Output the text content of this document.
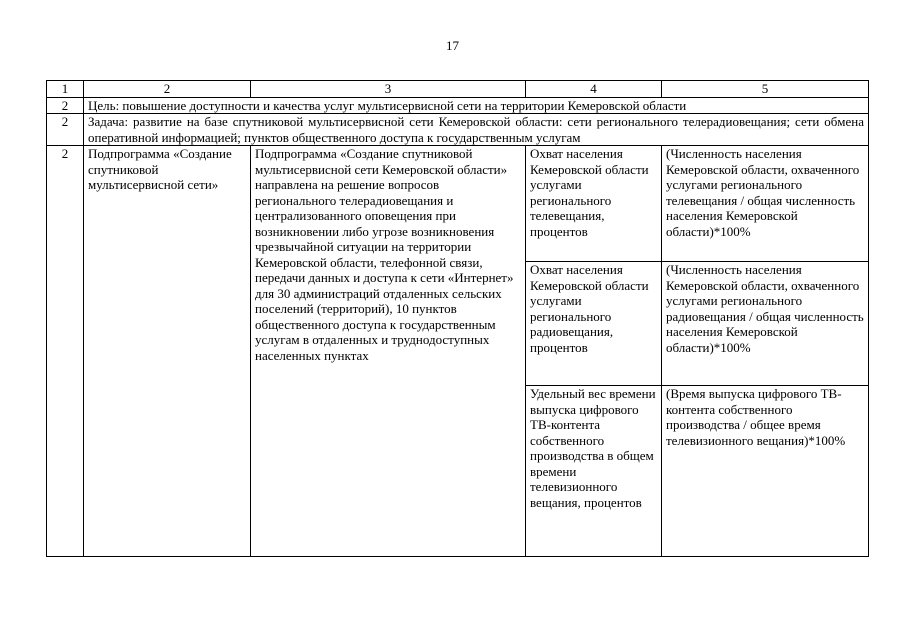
17
1	2	3	4	5
2	Цель: повышение доступности и качества услуг мультисервисной сети на территории Кемеровской области			
2	Задача: развитие на базе спутниковой мультисервисной сети Кемеровской области: сети регионального телерадиовещания; сети обмена оперативной информацией; пунктов общественного доступа к государственным услугам			
2	Подпрограмма «Создание спутниковой мультисервисной сети»	Подпрограмма «Создание спутниковой мультисервисной сети Кемеровской области» направлена на решение вопросов регионального телерадиовещания и централизованного оповещения при возникновении либо угрозе возникновения чрезвычайной ситуации на территории Кемеровской области, телефонной связи, передачи данных и доступа к сети «Интернет» для 30 администраций отдаленных сельских поселений (территорий), 10 пунктов общественного доступа к государственным услугам в отдаленных и труднодоступных населенных пунктах	Охват населения Кемеровской области услугами регионального телевещания, процентов	(Численность населения Кемеровской области, охваченного услугами регионального телевещания / общая численность населения Кемеровской области)*100%
			Охват населения Кемеровской области услугами регионального радиовещания, процентов	(Численность населения Кемеровской области, охваченного услугами регионального радиовещания / общая численность населения Кемеровской области)*100%
			Удельный вес времени выпуска цифрового ТВ-контента собственного производства в общем времени телевизионного вещания, процентов	(Время выпуска цифрового ТВ-контента собственного производства / общее время телевизионного вещания)*100%
